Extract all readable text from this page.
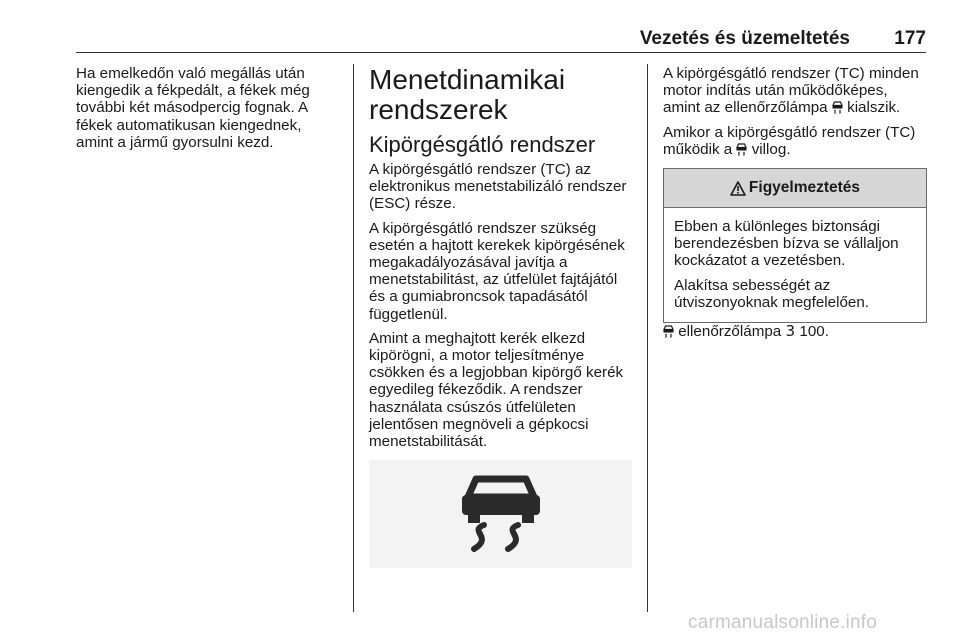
Vezetés és üzemeltetés	177

Ha emelkedőn való megállás után kiengedik a fékpedált, a fékek még további két másodpercig fognak. A fékek automatikusan kiengednek, amint a jármű gyorsulni kezd.

Menetdinamikai rendszerek
Kipörgésgátló rendszer

A kipörgésgátló rendszer (TC) az elektronikus menetstabilizáló rendszer (ESC) része.

A kipörgésgátló rendszer szükség esetén a hajtott kerekek kipörgésének megakadályozásával javítja a menetstabilitást, az útfelület fajtájától és a gumiabroncsok tapadásától függetlenül.

Amint a meghajtott kerék elkezd kipörögni, a motor teljesítménye csökken és a legjobban kipörgő kerék egyedileg fékeződik. A rendszer használata csúszós útfelületen jelentősen megnöveli a gépkocsi menetstabilitását.

A kipörgésgátló rendszer (TC) minden motor indítás után működőképes, amint az ellenőrzőlámpa kialszik.

Amikor a kipörgésgátló rendszer (TC) működik a villog.

Figyelmeztetés

Ebben a különleges biztonsági berendezésben bízva se vállaljon kockázatot a vezetésben.

Alakítsa sebességét az útviszonyoknak megfelelően.

ellenőrzőlámpa 3 100.

carmanualsonline.info
